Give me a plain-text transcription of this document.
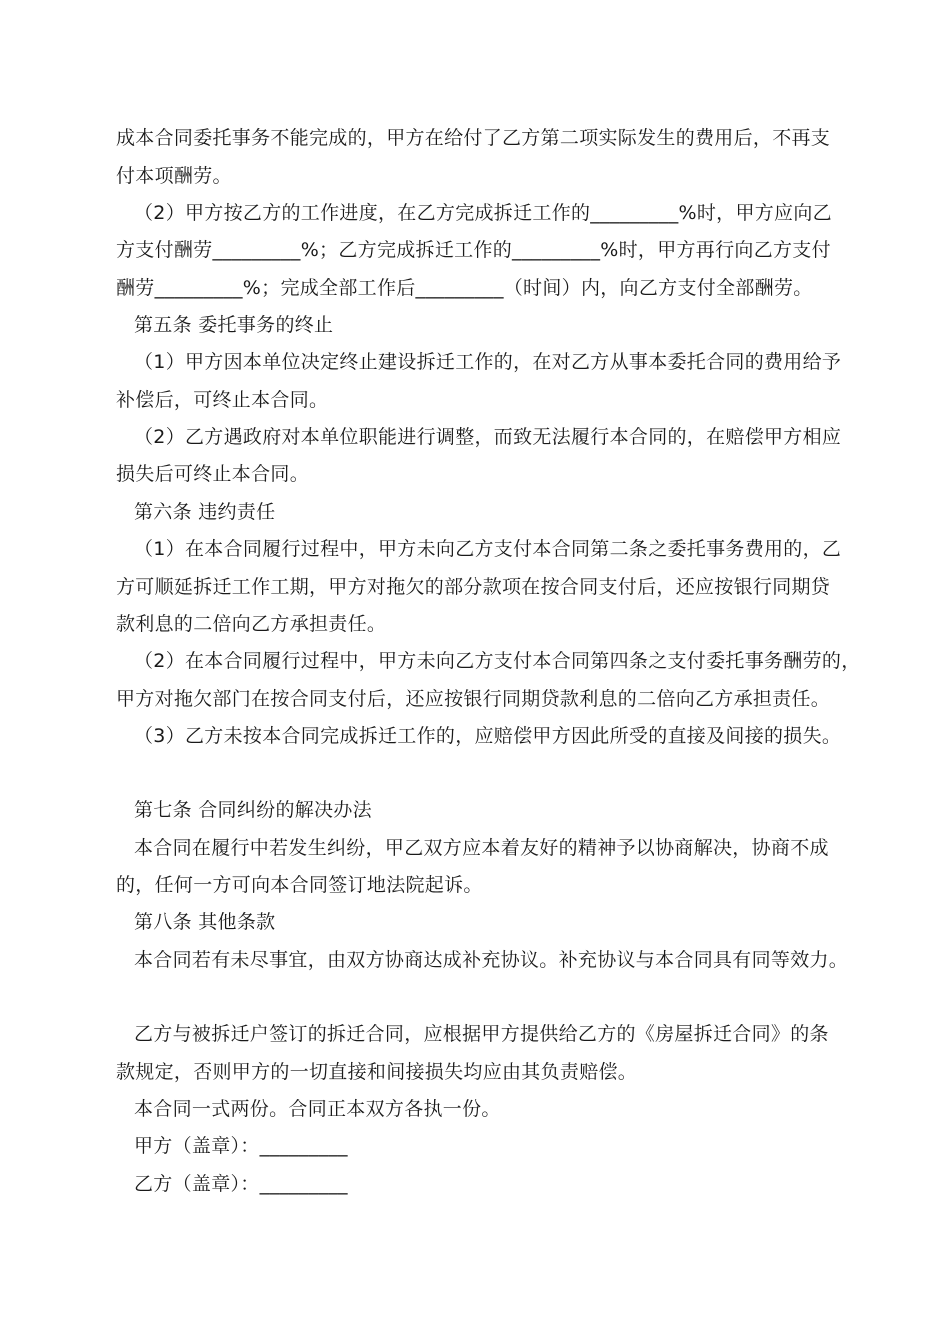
成本合同委托事务不能完成的，甲方在给付了乙方第二项实际发生的费用后，不再支
付本项酬劳。
（2）甲方按乙方的工作进度，在乙方完成拆迁工作的_________%时，甲方应向乙
方支付酬劳_________%；乙方完成拆迁工作的_________%时，甲方再行向乙方支付
酬劳_________%；完成全部工作后_________（时间）内，向乙方支付全部酬劳。
第五条 委托事务的终止
（1）甲方因本单位决定终止建设拆迁工作的，在对乙方从事本委托合同的费用给予
补偿后，可终止本合同。
（2）乙方遇政府对本单位职能进行调整，而致无法履行本合同的，在赔偿甲方相应
损失后可终止本合同。
第六条 违约责任
（1）在本合同履行过程中，甲方未向乙方支付本合同第二条之委托事务费用的，乙
方可顺延拆迁工作工期，甲方对拖欠的部分款项在按合同支付后，还应按银行同期贷
款利息的二倍向乙方承担责任。
（2）在本合同履行过程中，甲方未向乙方支付本合同第四条之支付委托事务酬劳的，
甲方对拖欠部门在按合同支付后，还应按银行同期贷款利息的二倍向乙方承担责任。
（3）乙方未按本合同完成拆迁工作的，应赔偿甲方因此所受的直接及间接的损失。
第七条 合同纠纷的解决办法
本合同在履行中若发生纠纷，甲乙双方应本着友好的精神予以协商解决，协商不成
的，任何一方可向本合同签订地法院起诉。
第八条 其他条款
本合同若有未尽事宜，由双方协商达成补充协议。补充协议与本合同具有同等效力。
乙方与被拆迁户签订的拆迁合同，应根据甲方提供给乙方的《房屋拆迁合同》的条
款规定，否则甲方的一切直接和间接损失均应由其负责赔偿。
本合同一式两份。合同正本双方各执一份。
甲方（盖章）：_________
乙方（盖章）：_________
